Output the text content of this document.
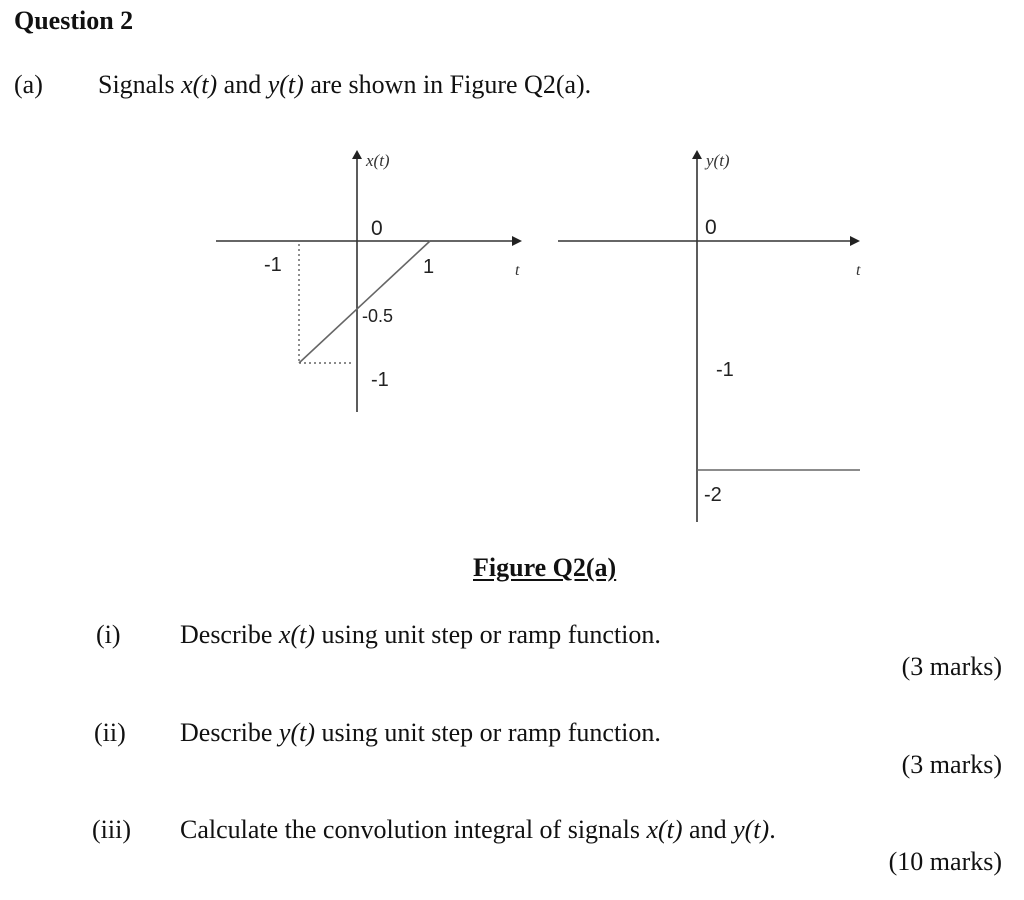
Question 2
(a) Signals x(t) and y(t) are shown in Figure Q2(a).
x(t)
0
-1	1	t
-0.5
-1
y(t)
0
t
-1
-2
Figure Q2(a)
(i) Describe x(t) using unit step or ramp function.
(3 marks)
(ii) Describe y(t) using unit step or ramp function.
(3 marks)
(iii) Calculate the convolution integral of signals x(t) and y(t).
(10 marks)
